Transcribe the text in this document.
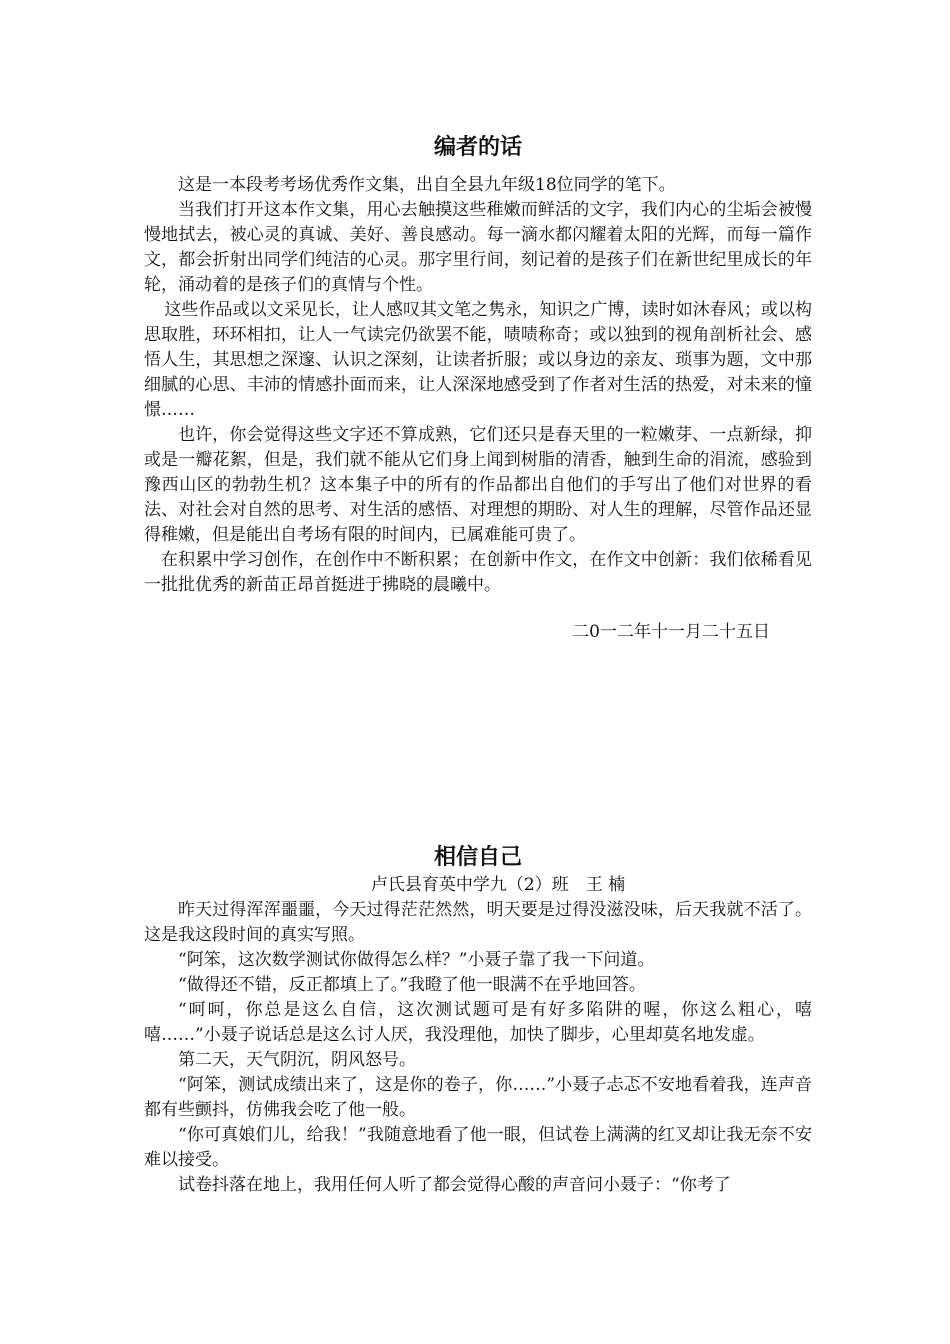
编者的话

这是一本段考考场优秀作文集，出自全县九年级18位同学的笔下。

当我们打开这本作文集，用心去触摸这些稚嫩而鲜活的文字，我们内心的尘垢会被慢慢地拭去，被心灵的真诚、美好、善良感动。每一滴水都闪耀着太阳的光辉，而每一篇作文，都会折射出同学们纯洁的心灵。那字里行间，刻记着的是孩子们在新世纪里成长的年轮，涌动着的是孩子们的真情与个性。

这些作品或以文采见长，让人感叹其文笔之隽永，知识之广博，读时如沐春风；或以构思取胜，环环相扣，让人一气读完仍欲罢不能，啧啧称奇；或以独到的视角剖析社会、感悟人生，其思想之深邃、认识之深刻，让读者折服；或以身边的亲友、琐事为题，文中那细腻的心思、丰沛的情感扑面而来，让人深深地感受到了作者对生活的热爱，对未来的憧憬……

也许，你会觉得这些文字还不算成熟，它们还只是春天里的一粒嫩芽、一点新绿，抑或是一瓣花絮，但是，我们就不能从它们身上闻到树脂的清香，触到生命的涓流，感验到豫西山区的勃勃生机？这本集子中的所有的作品都出自他们的手写出了他们对世界的看法、对社会对自然的思考、对生活的感悟、对理想的期盼、对人生的理解，尽管作品还显得稚嫩，但是能出自考场有限的时间内，已属难能可贵了。

在积累中学习创作，在创作中不断积累；在创新中作文，在作文中创新：我们依稀看见一批批优秀的新苗正昂首挺进于拂晓的晨曦中。

二0一二年十一月二十五日

相信自己

卢氏县育英中学九（2）班　王 楠

昨天过得浑浑噩噩，今天过得茫茫然然，明天要是过得没滋没味，后天我就不活了。这是我这段时间的真实写照。

“阿笨，这次数学测试你做得怎么样？”小聂子靠了我一下问道。

“做得还不错，反正都填上了。”我瞪了他一眼满不在乎地回答。

“呵呵，你总是这么自信，这次测试题可是有好多陷阱的喔，你这么粗心，嘻嘻……”小聂子说话总是这么讨人厌，我没理他，加快了脚步，心里却莫名地发虚。

第二天，天气阴沉，阴风怒号。

“阿笨，测试成绩出来了，这是你的卷子，你……”小聂子忐忑不安地看着我，连声音都有些颤抖，仿佛我会吃了他一般。

“你可真娘们儿，给我！”我随意地看了他一眼，但试卷上满满的红叉却让我无奈不安难以接受。

试卷抖落在地上，我用任何人听了都会觉得心酸的声音问小聂子：“你考了
